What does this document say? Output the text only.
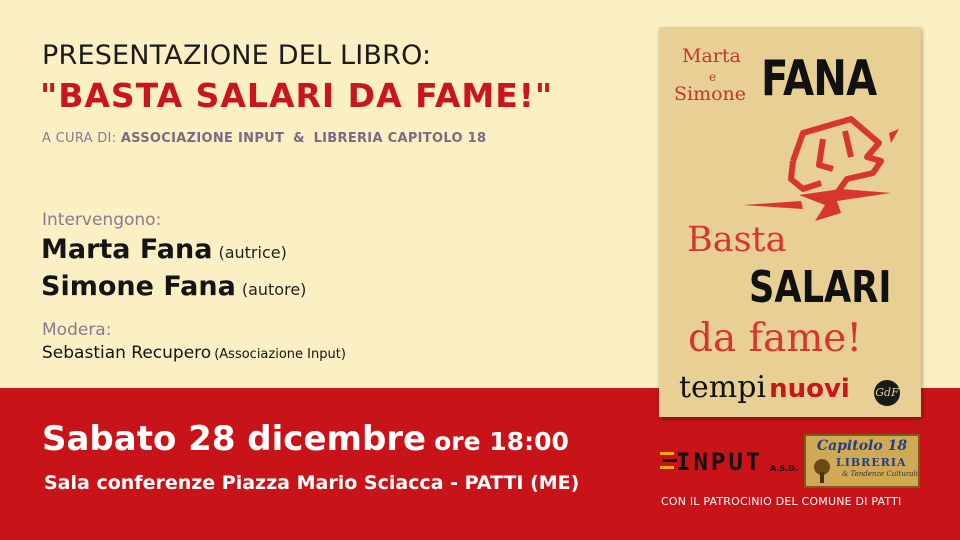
PRESENTAZIONE DEL LIBRO:
"BASTA SALARI DA FAME!"
A CURA DI: ASSOCIAZIONE INPUT & LIBRERIA CAPITOLO 18
Intervengono:
Marta Fana (autrice)
Simone Fana (autore)
Modera:
Sebastian Recupero (Associazione Input)
Sabato 28 dicembre ore 18:00
Sala conferenze Piazza Mario Sciacca - PATTI (ME)
Marta
e
Simone FANA
Basta
SALARI
da fame!
tempi nuovi GdF
INPUT A.S.D.
Capitolo 18
LIBRERIA
& Tendenze Culturali
CON IL PATROCINIO DEL COMUNE DI PATTI
